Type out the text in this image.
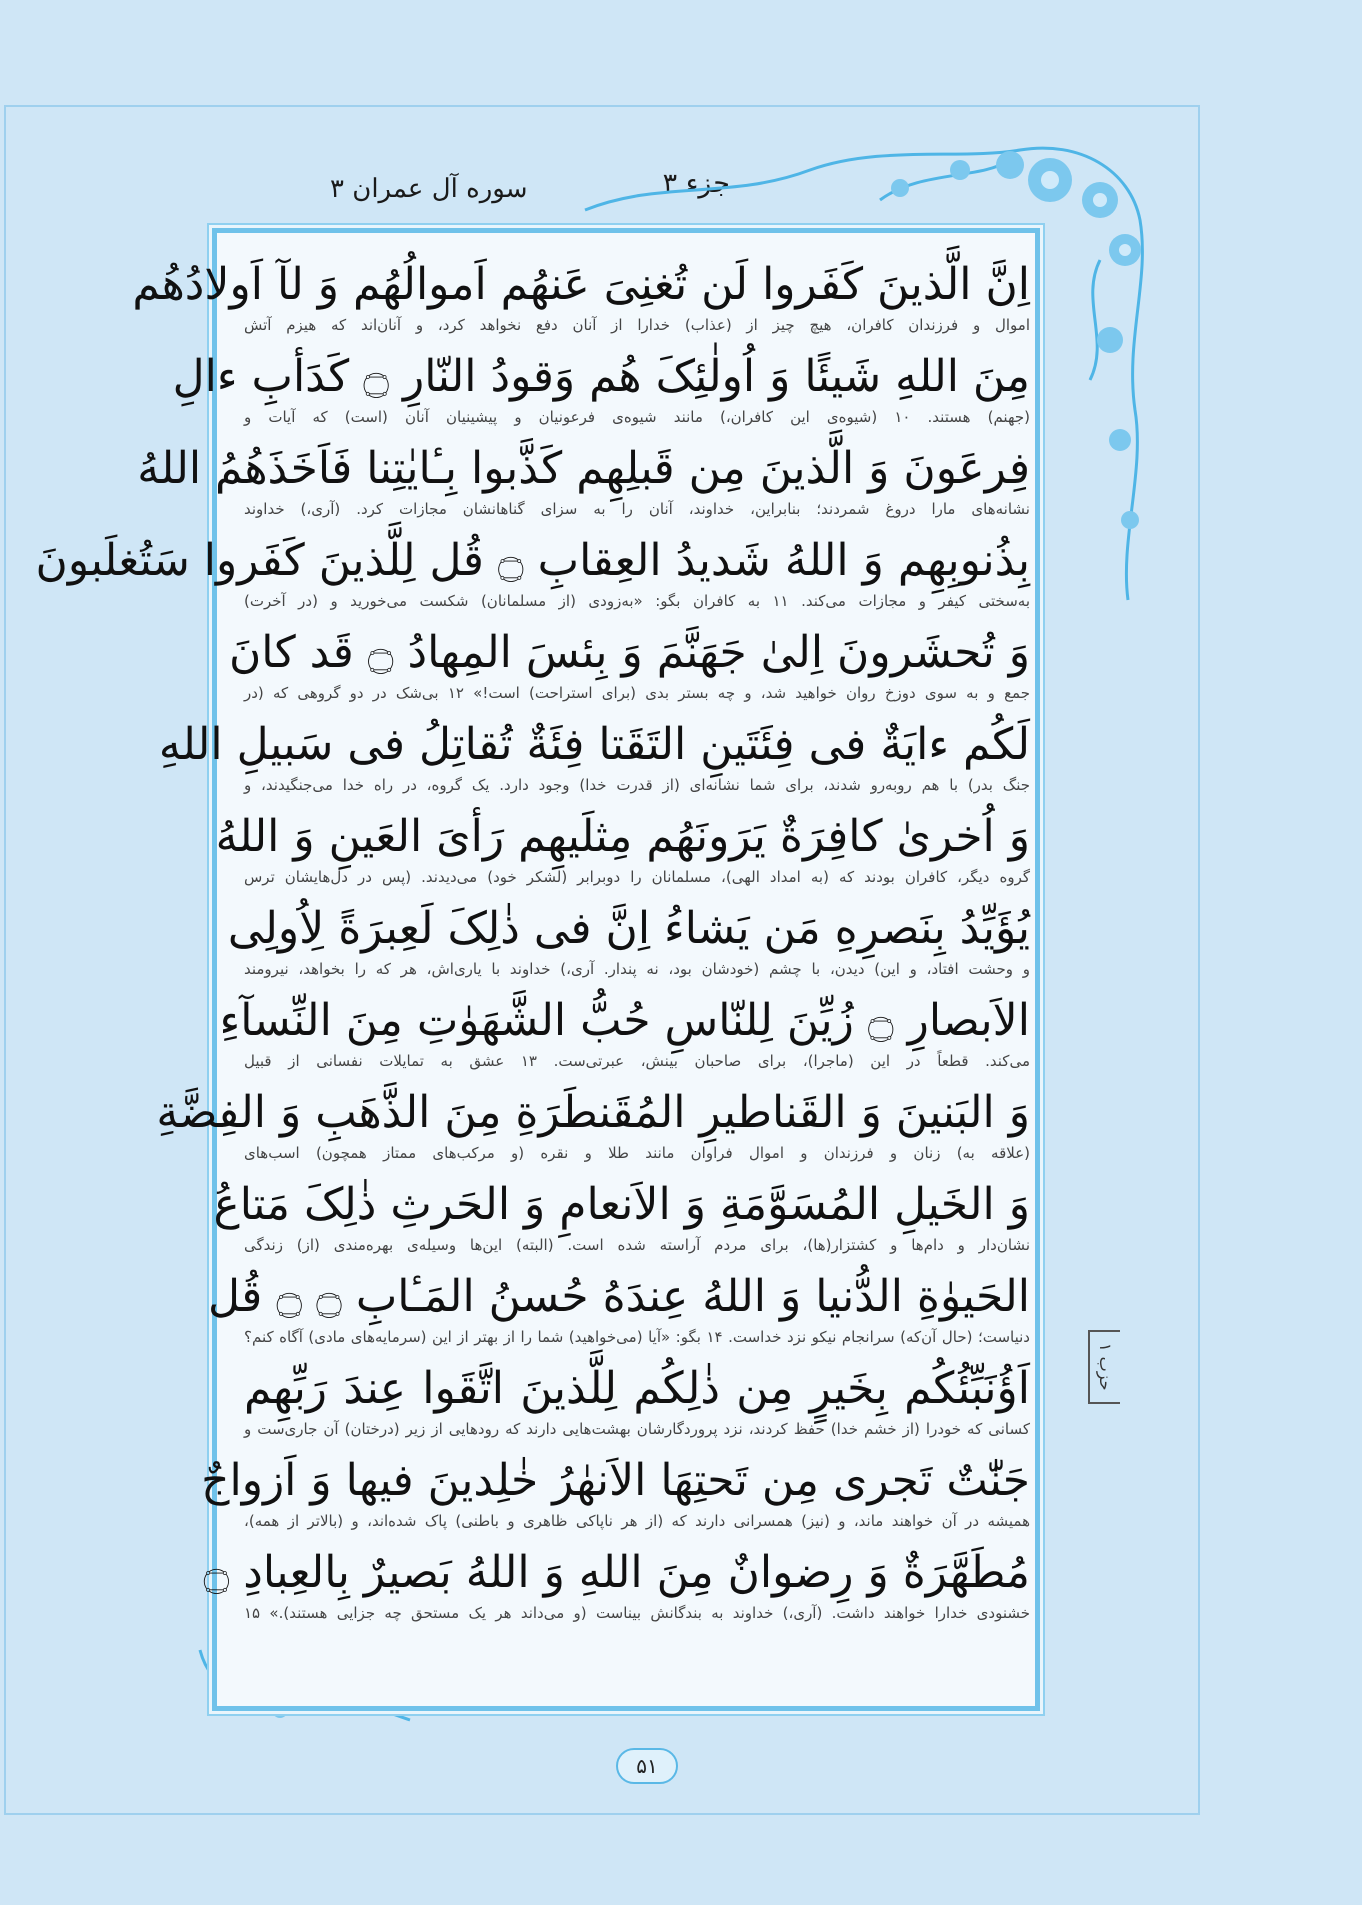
جزء ۳
سوره آل عمران ۳
اِنَّ الَّذینَ کَفَروا لَن تُغنِیَ عَنهُم اَموالُهُم وَ لآ اَولادُهُم
اموال و فرزندان کافران، هیچ چیز از (عذاب) خدارا از آنان دفع نخواهد کرد، و آنان‌اند که هیزم آتش
مِنَ اللهِ شَیئًا وَ اُولٰئِکَ هُم وَقودُ النّارِ ۝ کَدَأبِ ءالِ
(جهنم) هستند. ۱۰ (شیوه‌ی این کافران،) مانند شیوه‌ی فرعونیان و پیشینیان آنان (است) که آیات و
فِرعَونَ وَ الَّذینَ مِن قَبلِهِم کَذَّبوا بِـٔایٰتِنا فَاَخَذَهُمُ اللهُ
نشانه‌های مارا دروغ شمردند؛ بنابراین، خداوند، آنان را به سزای گناهانشان مجازات کرد. (آری،) خداوند
بِذُنوبِهِم وَ اللهُ شَدیدُ العِقابِ ۝ قُل لِلَّذینَ کَفَروا سَتُغلَبونَ
به‌سختی کیفر و مجازات می‌کند. ۱۱ به کافران بگو: «به‌زودی (از مسلمانان) شکست می‌خورید و (در آخرت)
وَ تُحشَرونَ اِلیٰ جَهَنَّمَ وَ بِئسَ المِهادُ ۝ قَد کانَ
جمع و به سوی دوزخ روان خواهید شد، و چه بستر بدی (برای استراحت) است!» ۱۲ بی‌شک در دو گروهی که (در
لَکُم ءایَةٌ فی فِئَتَینِ التَقَتا فِئَةٌ تُقاتِلُ فی سَبیلِ اللهِ
جنگ بدر) با هم روبه‌رو شدند، برای شما نشانه‌ای (از قدرت خدا) وجود دارد. یک گروه، در راه خدا می‌جنگیدند، و
وَ اُخریٰ کافِرَةٌ یَرَونَهُم مِثلَیهِم رَأیَ العَینِ وَ اللهُ
گروه دیگر، کافران بودند که (به امداد الهی)، مسلمانان را دوبرابر (لشکر خود) می‌دیدند. (پس در دل‌هایشان ترس
یُؤَیِّدُ بِنَصرِهِ مَن یَشاءُ اِنَّ فی ذٰلِکَ لَعِبرَةً لِاُولِی
و وحشت افتاد، و این) دیدن، با چشم (خودشان بود، نه پندار. آری،) خداوند با یاری‌اش، هر که را بخواهد، نیرومند
الاَبصارِ ۝ زُیِّنَ لِلنّاسِ حُبُّ الشَّهَوٰتِ مِنَ النِّسآءِ
می‌کند. قطعاً در این (ماجرا)، برای صاحبان بینش، عبرتی‌ست. ۱۳ عشق به تمایلات نفسانی از قبیل
وَ البَنینَ وَ القَناطیرِ المُقَنطَرَةِ مِنَ الذَّهَبِ وَ الفِضَّةِ
(علاقه به) زنان و فرزندان و اموال فراوان مانند طلا و نقره (و مرکب‌های ممتاز همچون) اسب‌های
وَ الخَیلِ المُسَوَّمَةِ وَ الاَنعامِ وَ الحَرثِ ذٰلِکَ مَتاعُ
نشان‌دار و دام‌ها و کشتزار(ها)، برای مردم آراسته شده است. (البته) این‌ها وسیله‌ی بهره‌مندی (از) زندگی
الحَیوٰةِ الدُّنیا وَ اللهُ عِندَهُ حُسنُ المَـٔابِ ۝ ۝ قُل
دنیاست؛ (حال آن‌که) سرانجام نیکو نزد خداست. ۱۴ بگو: «آیا (می‌خواهید) شما را از بهتر از این (سرمایه‌های مادی) آگاه کنم؟
اَؤُنَبِّئُکُم بِخَیرٍ مِن ذٰلِکُم لِلَّذینَ اتَّقَوا عِندَ رَبِّهِم
کسانی که خودرا (از خشم خدا) حفظ کردند، نزد پروردگارشان بهشت‌هایی دارند که رودهایی از زیر (درختان) آن جاری‌ست و
جَنّٰتٌ تَجری مِن تَحتِهَا الاَنهٰرُ خٰلِدینَ فیها وَ اَزواجٌ
همیشه در آن خواهند ماند، و (نیز) همسرانی دارند که (از هر ناپاکی ظاهری و باطنی) پاک شده‌اند، و (بالاتر از همه)،
مُطَهَّرَةٌ وَ رِضوانٌ مِنَ اللهِ وَ اللهُ بَصیرٌ بِالعِبادِ ۝
خشنودی خدارا خواهند داشت. (آری،) خداوند به بندگانش بیناست (و می‌داند هر یک مستحق چه جزایی هستند).» ۱۵
حزب ۱
۵۱
